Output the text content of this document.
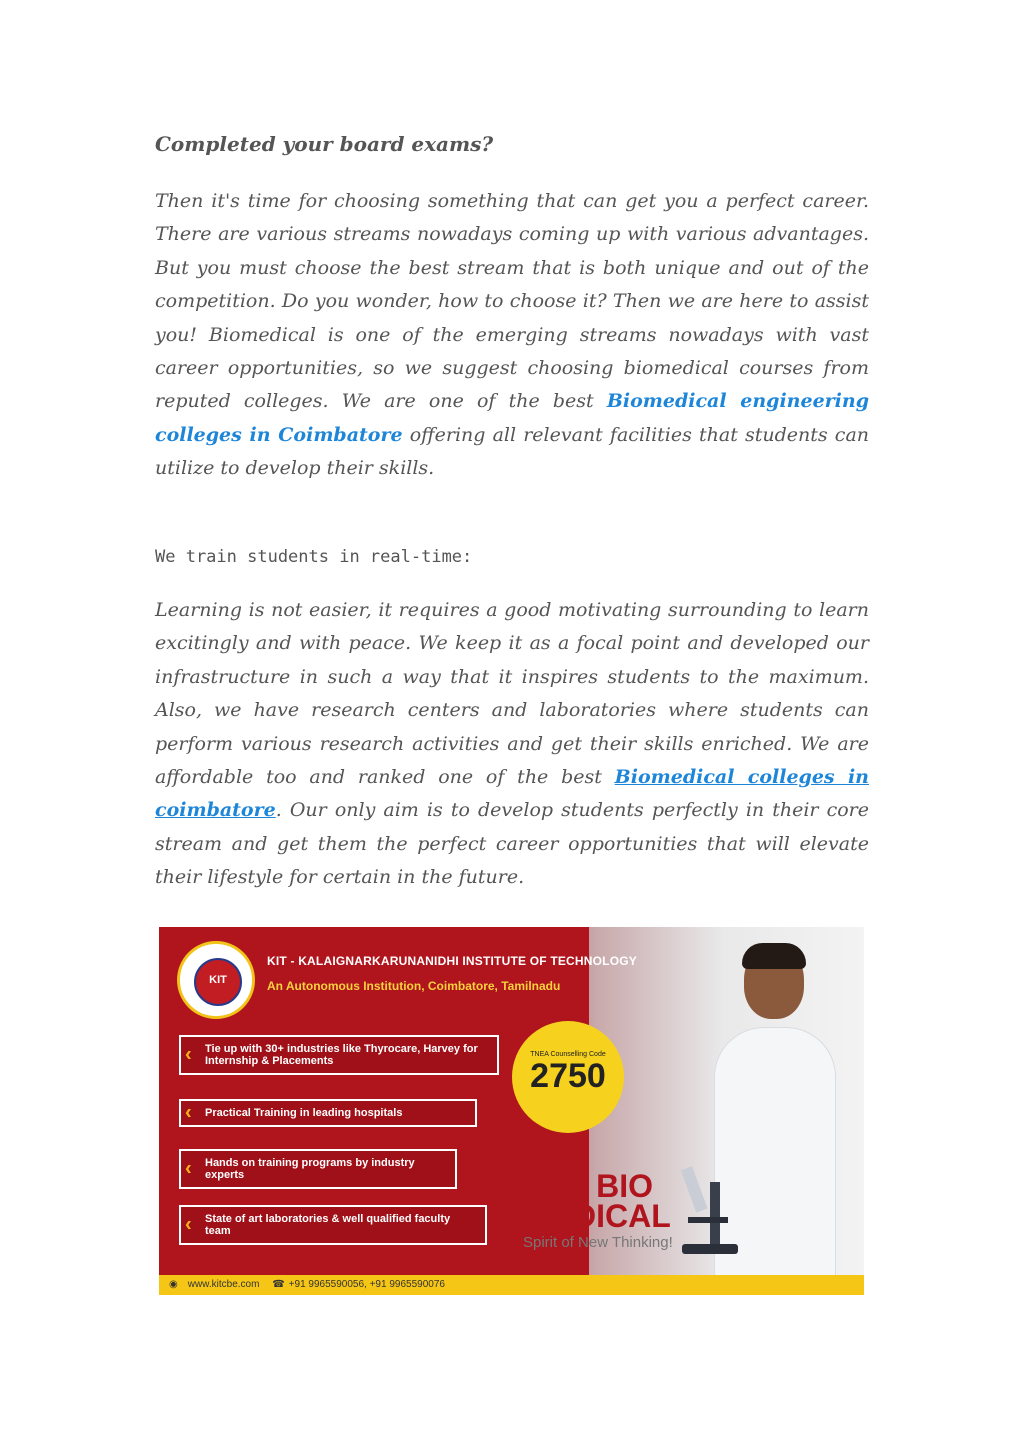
Completed your board exams?

Then it's time for choosing something that can get you a perfect career. There are various streams nowadays coming up with various advantages. But you must choose the best stream that is both unique and out of the competition. Do you wonder, how to choose it? Then we are here to assist you! Biomedical is one of the emerging streams nowadays with vast career opportunities, so we suggest choosing biomedical courses from reputed colleges. We are one of the best Biomedical engineering colleges in Coimbatore offering all relevant facilities that students can utilize to develop their skills.

We train students in real-time:

Learning is not easier, it requires a good motivating surrounding to learn excitingly and with peace. We keep it as a focal point and developed our infrastructure in such a way that it inspires students to the maximum. Also, we have research centers and laboratories where students can perform various research activities and get their skills enriched. We are affordable too and ranked one of the best Biomedical colleges in coimbatore. Our only aim is to develop students perfectly in their core stream and get them the perfect career opportunities that will elevate their lifestyle for certain in the future.

KIT
KIT - KALAIGNARKARUNANIDHI INSTITUTE OF TECHNOLOGY
An Autonomous Institution, Coimbatore, Tamilnadu
‹ Tie up with 30+ industries like Thyrocare, Harvey for Internship & Placements
‹ Practical Training in leading hospitals
‹ Hands on training programs by industry experts
‹ State of art laboratories & well qualified faculty team
TNEA Counselling Code
2750
B.E. BIO
MEDICAL
Spirit of New Thinking!
◉ www.kitcbe.com ☎ +91 9965590056, +91 9965590076
